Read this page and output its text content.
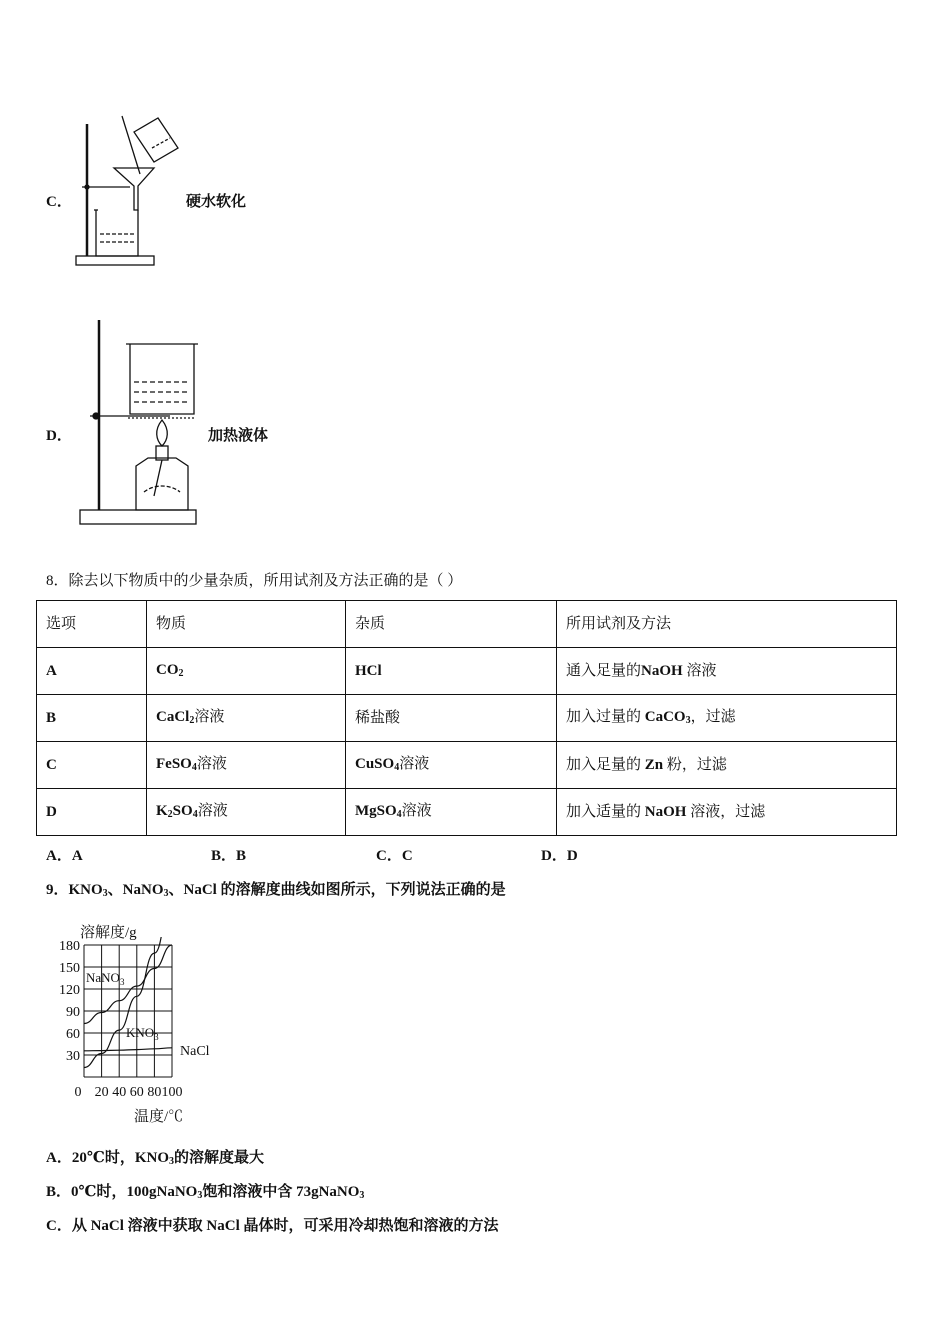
C．	硬水软化
D．	加热液体
8．除去以下物质中的少量杂质，所用试剂及方法正确的是（ ）
选项	物质	杂质	所用试剂及方法
A	$CO_2$	HCl	通入足量的NaOH 溶液
B	CaCl$_2$溶液	稀盐酸	加入过量的 CaCO$_3$，过滤
C	FeSO$_4$溶液	CuSO$_4$溶液	加入足量的 Zn 粉，过滤
D	$K_2SO_4$溶液	MgSO$_4$溶液	加入适量的 NaOH 溶液，过滤
A．A	B．B	C．C	D．D
9．$KNO_3$、NaNO$_3$、NaCl 的溶解度曲线如图所示，下列说法正确的是
溶解度/g
温度/℃
180
150
120
90
60
30
0 20 40 60 80 100
NaNO$_3$
$KNO_3$
NaCl
A．20℃时，$KNO_3$的溶解度最大
B．0℃时，100gNaNO$_3$饱和溶液中含 73gNaNO$_3$
C．从 NaCl 溶液中获取 NaCl 晶体时，可采用冷却热饱和溶液的方法
